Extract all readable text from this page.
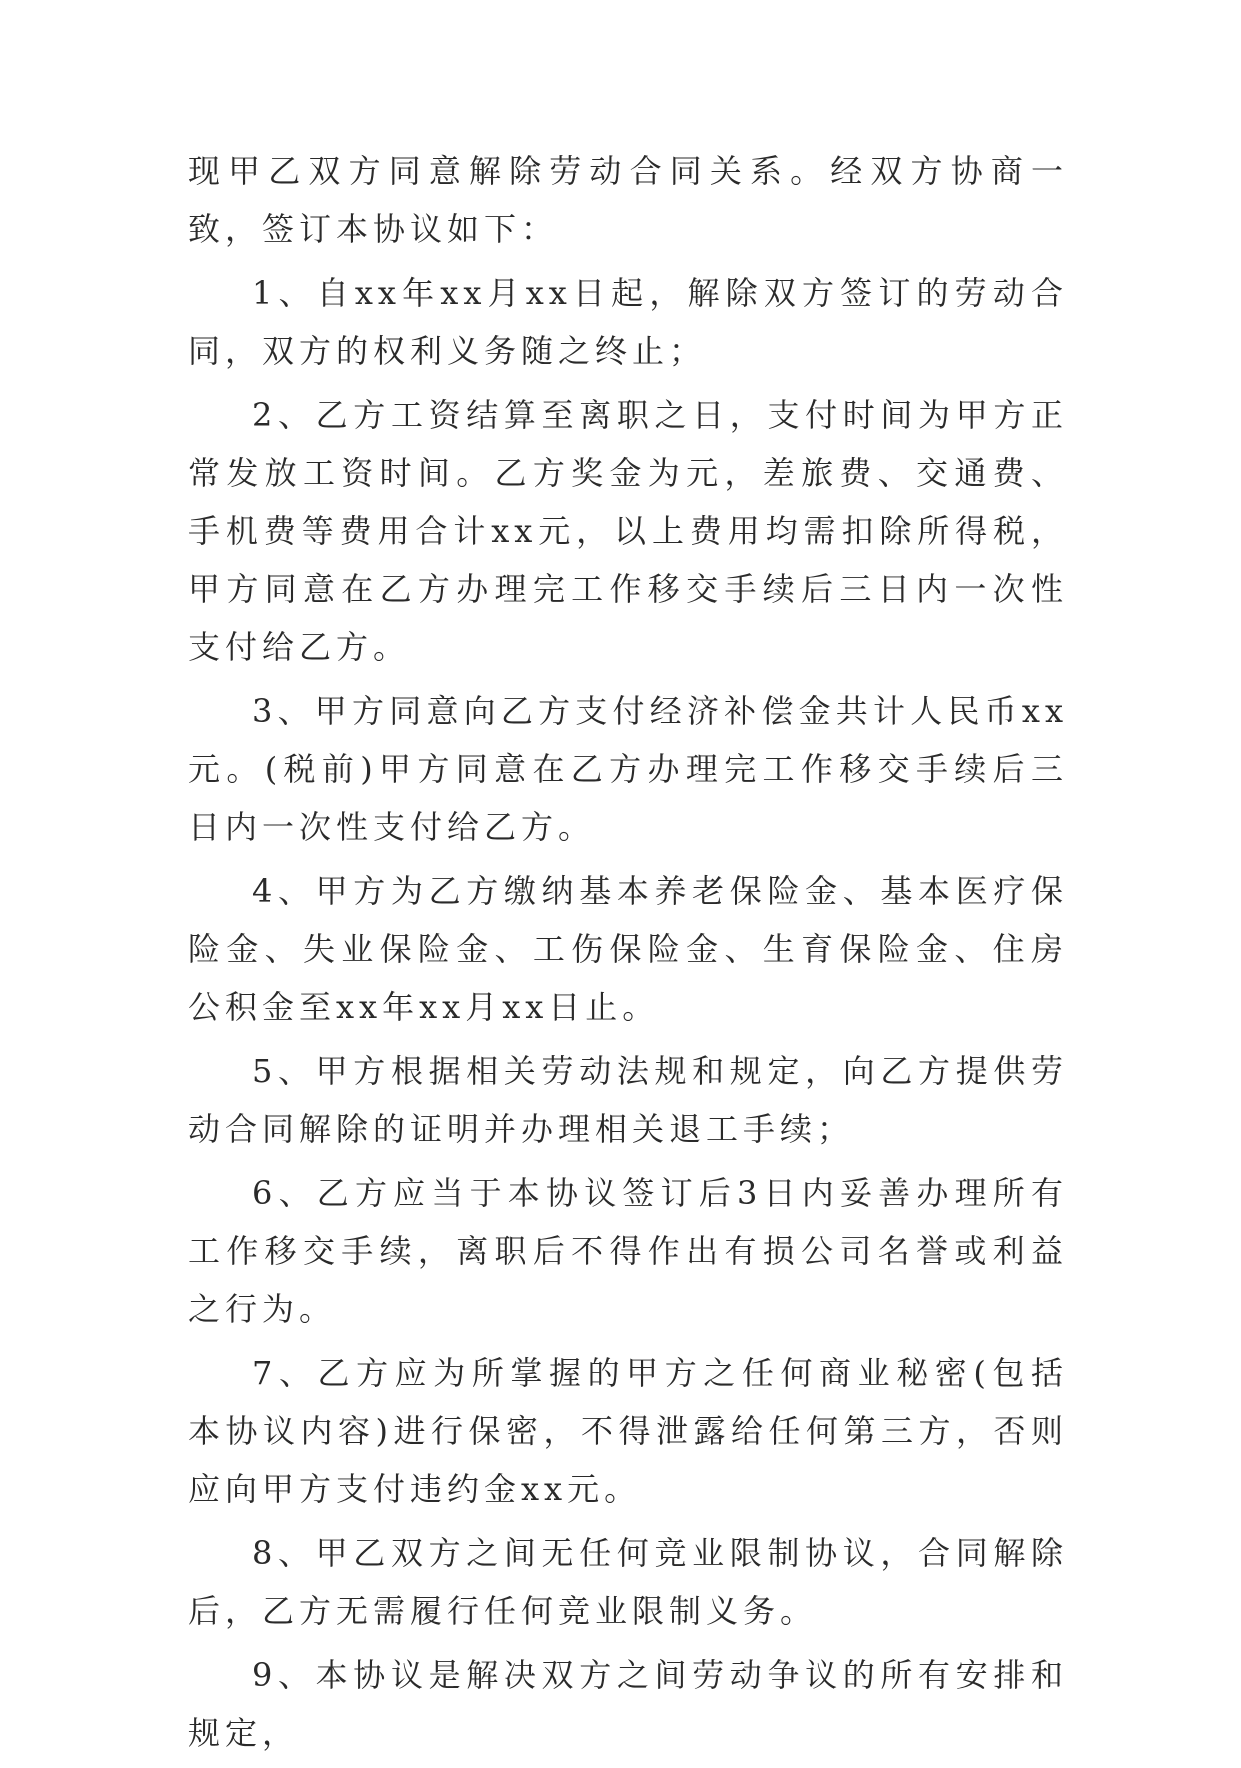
现甲乙双方同意解除劳动合同关系。经双方协商一致，签订本协议如下：

1、自xx年xx月xx日起，解除双方签订的劳动合同，双方的权利义务随之终止；

2、乙方工资结算至离职之日，支付时间为甲方正常发放工资时间。乙方奖金为元，差旅费、交通费、手机费等费用合计xx元，以上费用均需扣除所得税，甲方同意在乙方办理完工作移交手续后三日内一次性支付给乙方。

3、甲方同意向乙方支付经济补偿金共计人民币xx元。(税前)甲方同意在乙方办理完工作移交手续后三日内一次性支付给乙方。

4、甲方为乙方缴纳基本养老保险金、基本医疗保险金、失业保险金、工伤保险金、生育保险金、住房公积金至xx年xx月xx日止。

5、甲方根据相关劳动法规和规定，向乙方提供劳动合同解除的证明并办理相关退工手续；

6、乙方应当于本协议签订后3日内妥善办理所有工作移交手续，离职后不得作出有损公司名誉或利益之行为。

7、乙方应为所掌握的甲方之任何商业秘密(包括本协议内容)进行保密，不得泄露给任何第三方，否则应向甲方支付违约金xx元。

8、甲乙双方之间无任何竞业限制协议，合同解除后，乙方无需履行任何竞业限制义务。

9、本协议是解决双方之间劳动争议的所有安排和规定，
